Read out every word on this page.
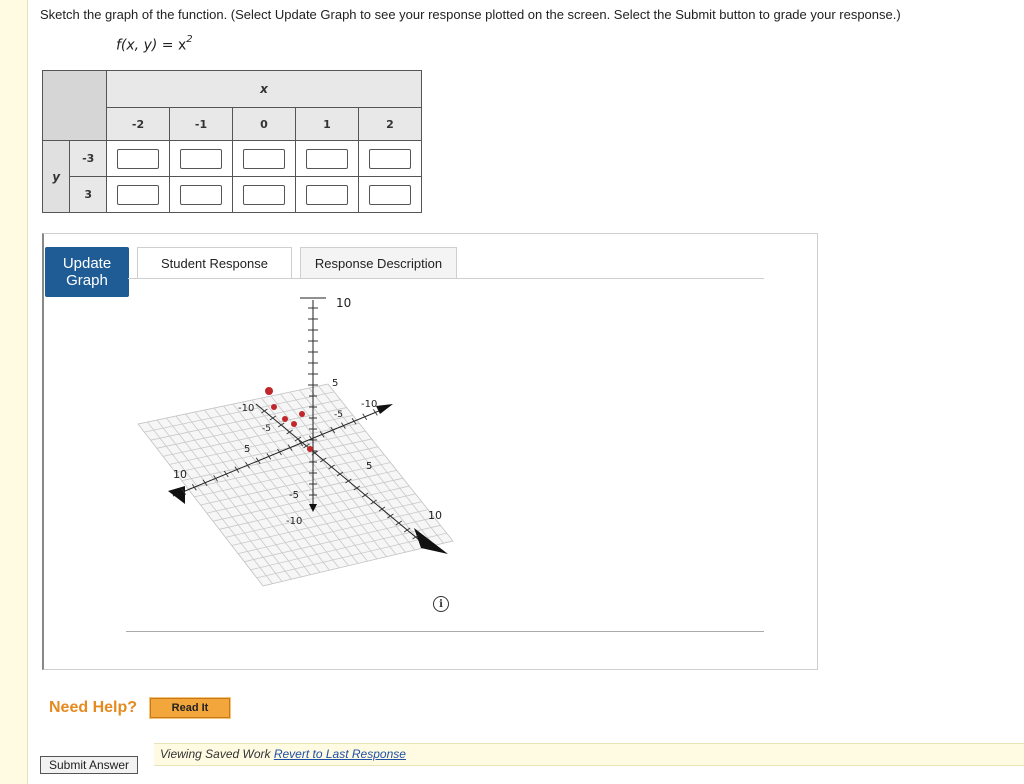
Sketch the graph of the function. (Select Update Graph to see your response plotted on the screen. Select the Submit button to grade your response.)
f(x, $y) = x^2$
		x				
		-2	-1	0	1	2
y	-3					
	3					
Update
Graph
Student Response	Response Description
10
5
-5
-10
-10
-5
5
-10
-5
5
10
10
i
Need Help?	Read It
Viewing Saved Work Revert to Last Response
Submit Answer
